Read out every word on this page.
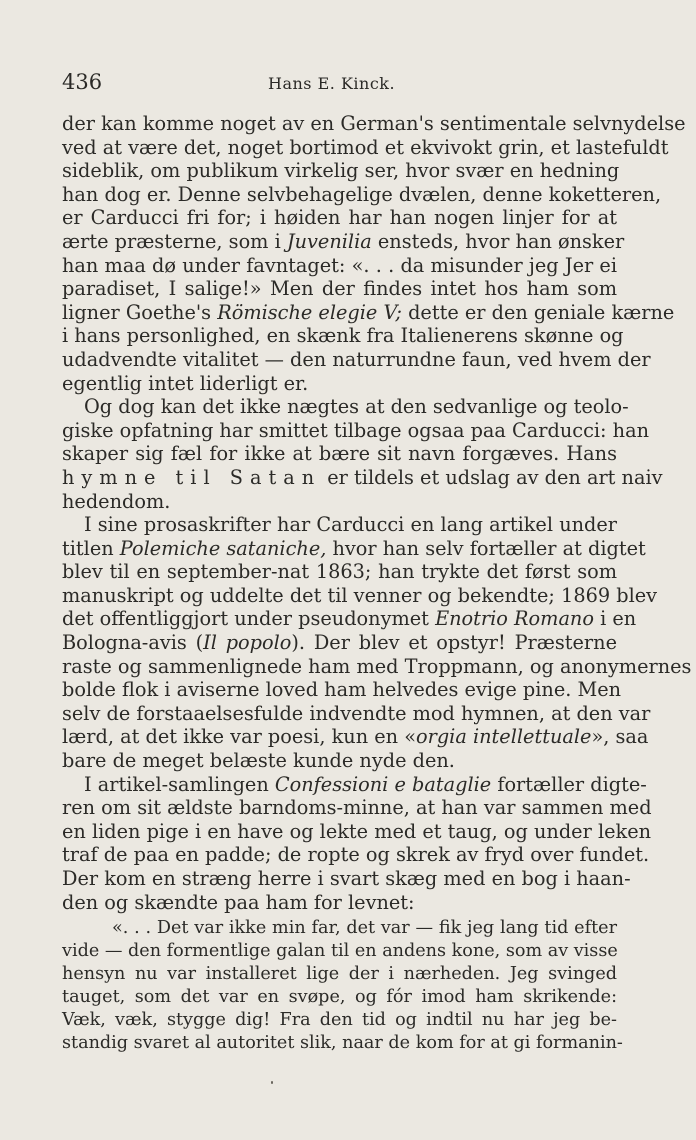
436	Hans E. Kinck.
der kan komme noget av en German's sentimentale selvnydelse
ved at være det, noget bortimod et ekvivokt grin, et lastefuldt
sideblik, om publikum virkelig ser, hvor svær en hedning
han dog er. Denne selvbehagelige dvælen, denne koketteren,
er Carducci fri for; i høiden har han nogen linjer for at
ærte præsterne, som i Juvenilia ensteds, hvor han ønsker
han maa dø under favntaget: «. . . da misunder jeg Jer ei
paradiset, I salige!» Men der findes intet hos ham som
ligner Goethe's Römische elegie V; dette er den geniale kærne
i hans personlighed, en skænk fra Italienerens skønne og
udadvendte vitalitet — den naturrundne faun, ved hvem der
egentlig intet liderligt er.
Og dog kan det ikke nægtes at den sedvanlige og teolo-
giske opfatning har smittet tilbage ogsaa paa Carducci: han
skaper sig fæl for ikke at bære sit navn forgæves. Hans
hymne til Satan er tildels et udslag av den art naiv
hedendom.
I sine prosaskrifter har Carducci en lang artikel under
titlen Polemiche sataniche, hvor han selv fortæller at digtet
blev til en september-nat 1863; han trykte det først som
manuskript og uddelte det til venner og bekendte; 1869 blev
det offentliggjort under pseudonymet Enotrio Romano i en
Bologna-avis (Il popolo). Der blev et opstyr! Præsterne
raste og sammenlignede ham med Troppmann, og anonymernes
bolde flok i aviserne loved ham helvedes evige pine. Men
selv de forstaaelsesfulde indvendte mod hymnen, at den var
lærd, at det ikke var poesi, kun en «orgia intellettuale», saa
bare de meget belæste kunde nyde den.
I artikel-samlingen Confessioni e bataglie fortæller digte-
ren om sit ældste barndoms-minne, at han var sammen med
en liden pige i en have og lekte med et taug, og under leken
traf de paa en padde; de ropte og skrek av fryd over fundet.
Der kom en stræng herre i svart skæg med en bog i haan-
den og skændte paa ham for levnet:
«. . . Det var ikke min far, det var — fik jeg lang tid efter
vide — den formentlige galan til en andens kone, som av visse
hensyn nu var installeret lige der i nærheden. Jeg svinged
tauget, som det var en svøpe, og fór imod ham skrikende:
Væk, væk, stygge dig! Fra den tid og indtil nu har jeg be-
standig svaret al autoritet slik, naar de kom for at gi formanin-
